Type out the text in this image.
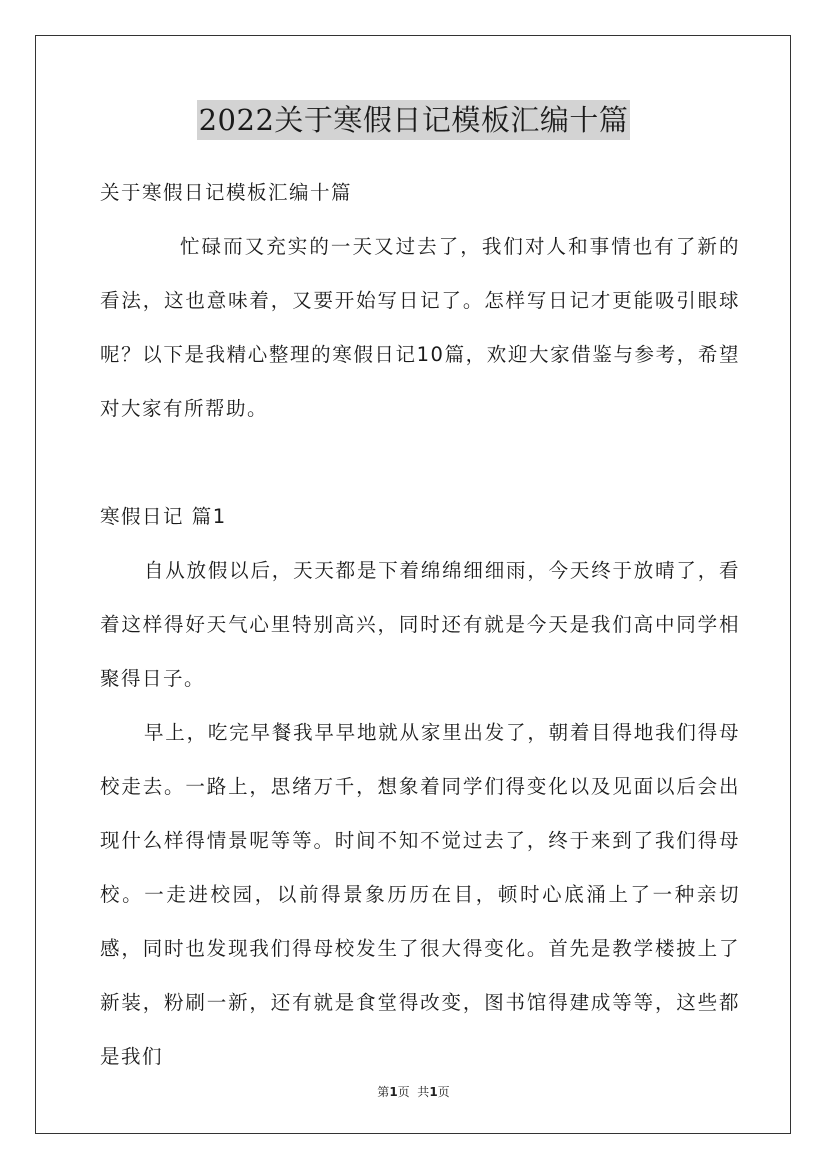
2022关于寒假日记模板汇编十篇

关于寒假日记模板汇编十篇

忙碌而又充实的一天又过去了，我们对人和事情也有了新的看法，这也意味着，又要开始写日记了。怎样写日记才更能吸引眼球呢？以下是我精心整理的寒假日记10篇，欢迎大家借鉴与参考，希望对大家有所帮助。

寒假日记 篇1

自从放假以后，天天都是下着绵绵细细雨，今天终于放晴了，看着这样得好天气心里特别高兴，同时还有就是今天是我们高中同学相聚得日子。

早上，吃完早餐我早早地就从家里出发了，朝着目得地我们得母校走去。一路上，思绪万千，想象着同学们得变化以及见面以后会出现什么样得情景呢等等。时间不知不觉过去了，终于来到了我们得母校。一走进校园，以前得景象历历在目，顿时心底涌上了一种亲切感，同时也发现我们得母校发生了很大得变化。首先是教学楼披上了新装，粉刷一新，还有就是食堂得改变，图书馆得建成等等，这些都是我们

第1页  共1页
